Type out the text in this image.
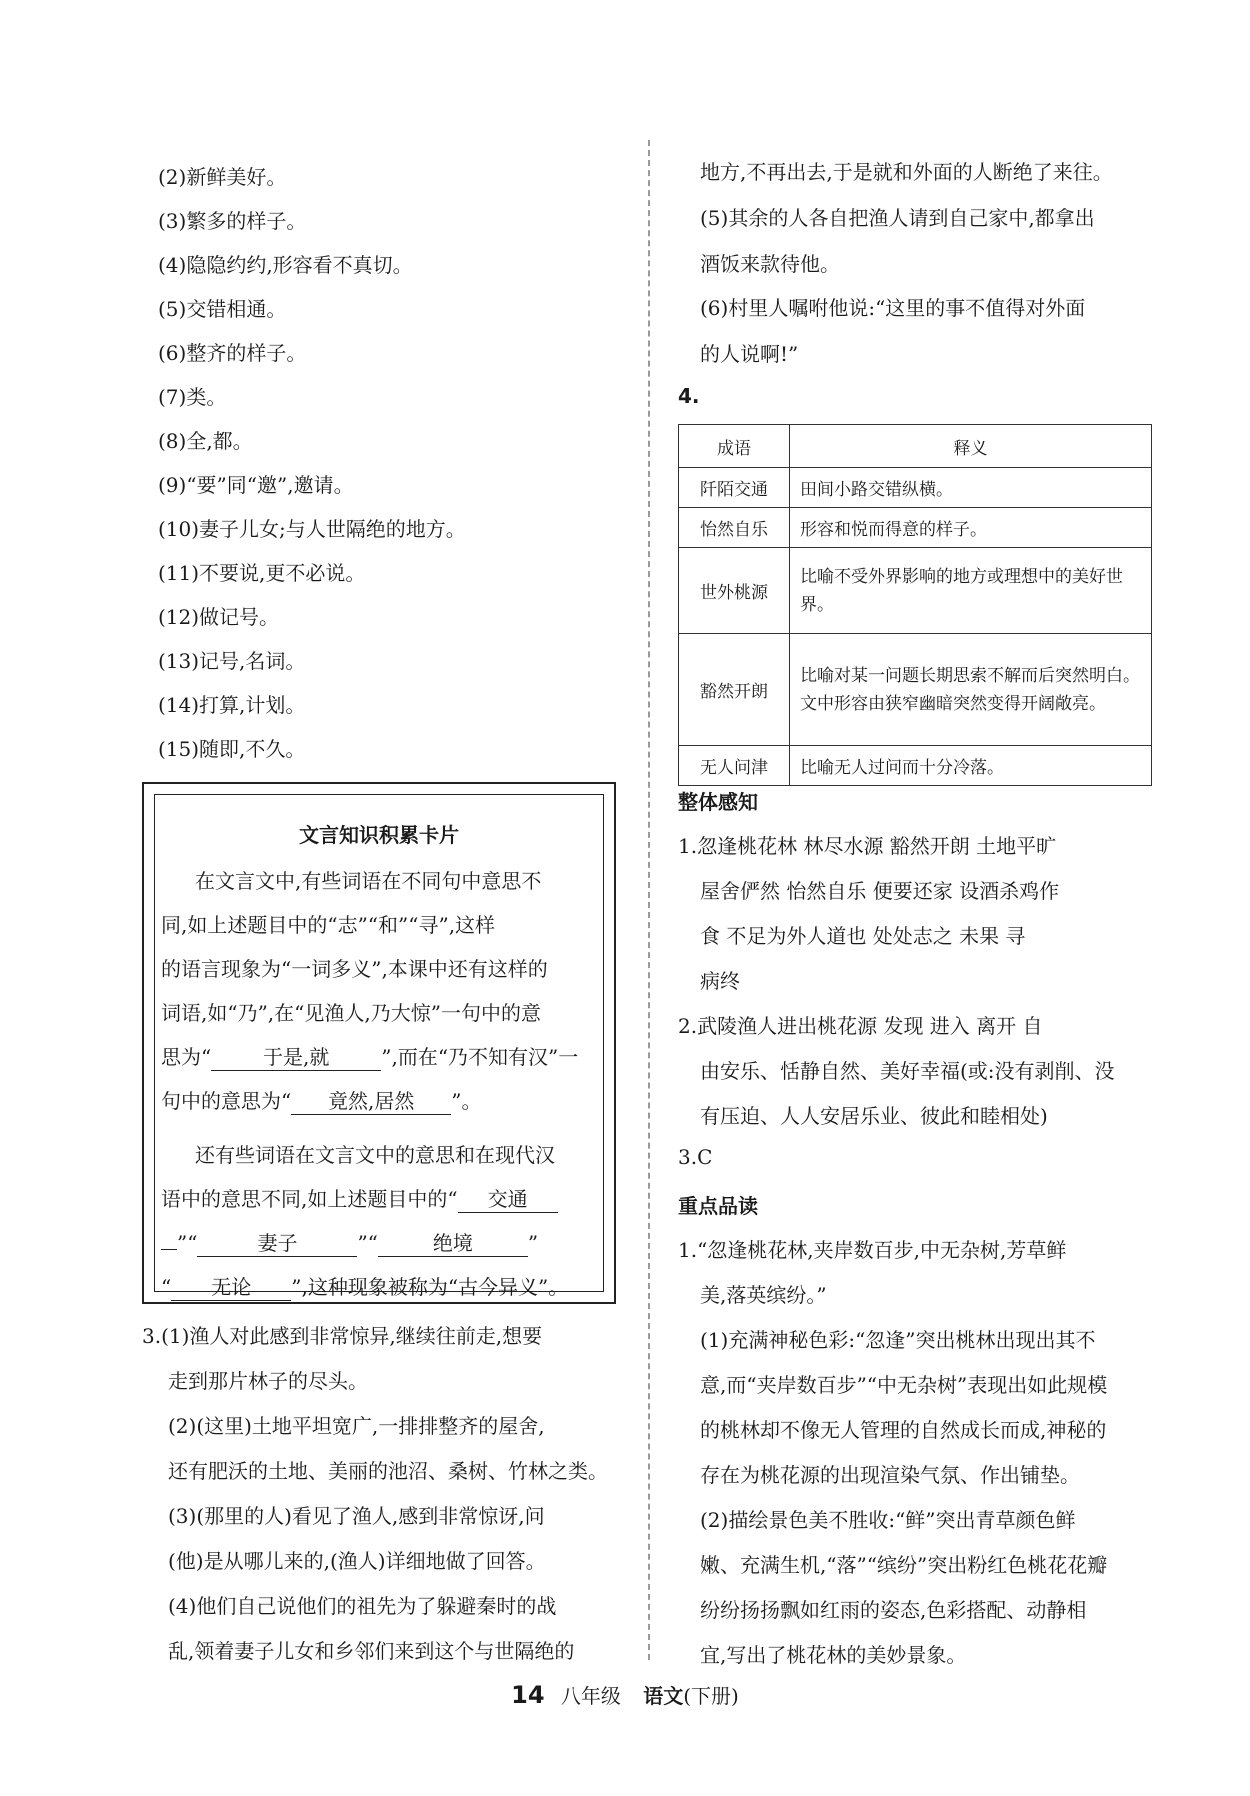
(2)新鲜美好。
(3)繁多的样子。
(4)隐隐约约,形容看不真切。
(5)交错相通。
(6)整齐的样子。
(7)类。
(8)全,都。
(9)“要”同“邀”,邀请。
(10)妻子儿女;与人世隔绝的地方。
(11)不要说,更不必说。
(12)做记号。
(13)记号,名词。
(14)打算,计划。
(15)随即,不久。
文言知识积累卡片
在文言文中,有些词语在不同句中意思不
同,如上述题目中的“志”“和”“寻”,这样
的语言现象为“一词多义”,本课中还有这样的
词语,如“乃”,在“见渔人,乃大惊”一句中的意
思为“	于是,就	”,而在“乃不知有汉”一
句中的意思为“ 竟然,居然 ”。
还有些词语在文言文中的意思和在现代汉
语中的意思不同,如上述题目中的“ 交通
”“	妻子	”“	绝境	”
“ 无论 ”,这种现象被称为“古今异义”。
3.(1)渔人对此感到非常惊异,继续往前走,想要
走到那片林子的尽头。
(2)(这里)土地平坦宽广,一排排整齐的屋舍,
还有肥沃的土地、美丽的池沼、桑树、竹林之类。
(3)(那里的人)看见了渔人,感到非常惊讶,问
(他)是从哪儿来的,(渔人)详细地做了回答。
(4)他们自己说他们的祖先为了躲避秦时的战
乱,领着妻子儿女和乡邻们来到这个与世隔绝的
地方,不再出去,于是就和外面的人断绝了来往。
(5)其余的人各自把渔人请到自己家中,都拿出
酒饭来款待他。
(6)村里人嘱咐他说:“这里的事不值得对外面
的人说啊!”
4.
成语	释义
阡陌交通	田间小路交错纵横。
怡然自乐	形容和悦而得意的样子。
世外桃源	比喻不受外界影响的地方或理想中的美好世界。
豁然开朗	比喻对某一问题长期思索不解而后突然明白。文中形容由狭窄幽暗突然变得开阔敞亮。
无人问津	比喻无人过问而十分冷落。
整体感知
1.忽逢桃花林 林尽水源 豁然开朗 土地平旷
屋舍俨然 怡然自乐 便要还家 设酒杀鸡作
食 不足为外人道也 处处志之 未果 寻
病终
2.武陵渔人进出桃花源 发现 进入 离开 自
由安乐、恬静自然、美好幸福(或:没有剥削、没
有压迫、人人安居乐业、彼此和睦相处)
3.C
重点品读
1.“忽逢桃花林,夹岸数百步,中无杂树,芳草鲜
美,落英缤纷。”
(1)充满神秘色彩:“忽逢”突出桃林出现出其不
意,而“夹岸数百步”“中无杂树”表现出如此规模
的桃林却不像无人管理的自然成长而成,神秘的
存在为桃花源的出现渲染气氛、作出铺垫。
(2)描绘景色美不胜收:“鲜”突出青草颜色鲜
嫩、充满生机,“落”“缤纷”突出粉红色桃花花瓣
纷纷扬扬飘如红雨的姿态,色彩搭配、动静相
宜,写出了桃花林的美妙景象。
14 八年级 语文(下册)
